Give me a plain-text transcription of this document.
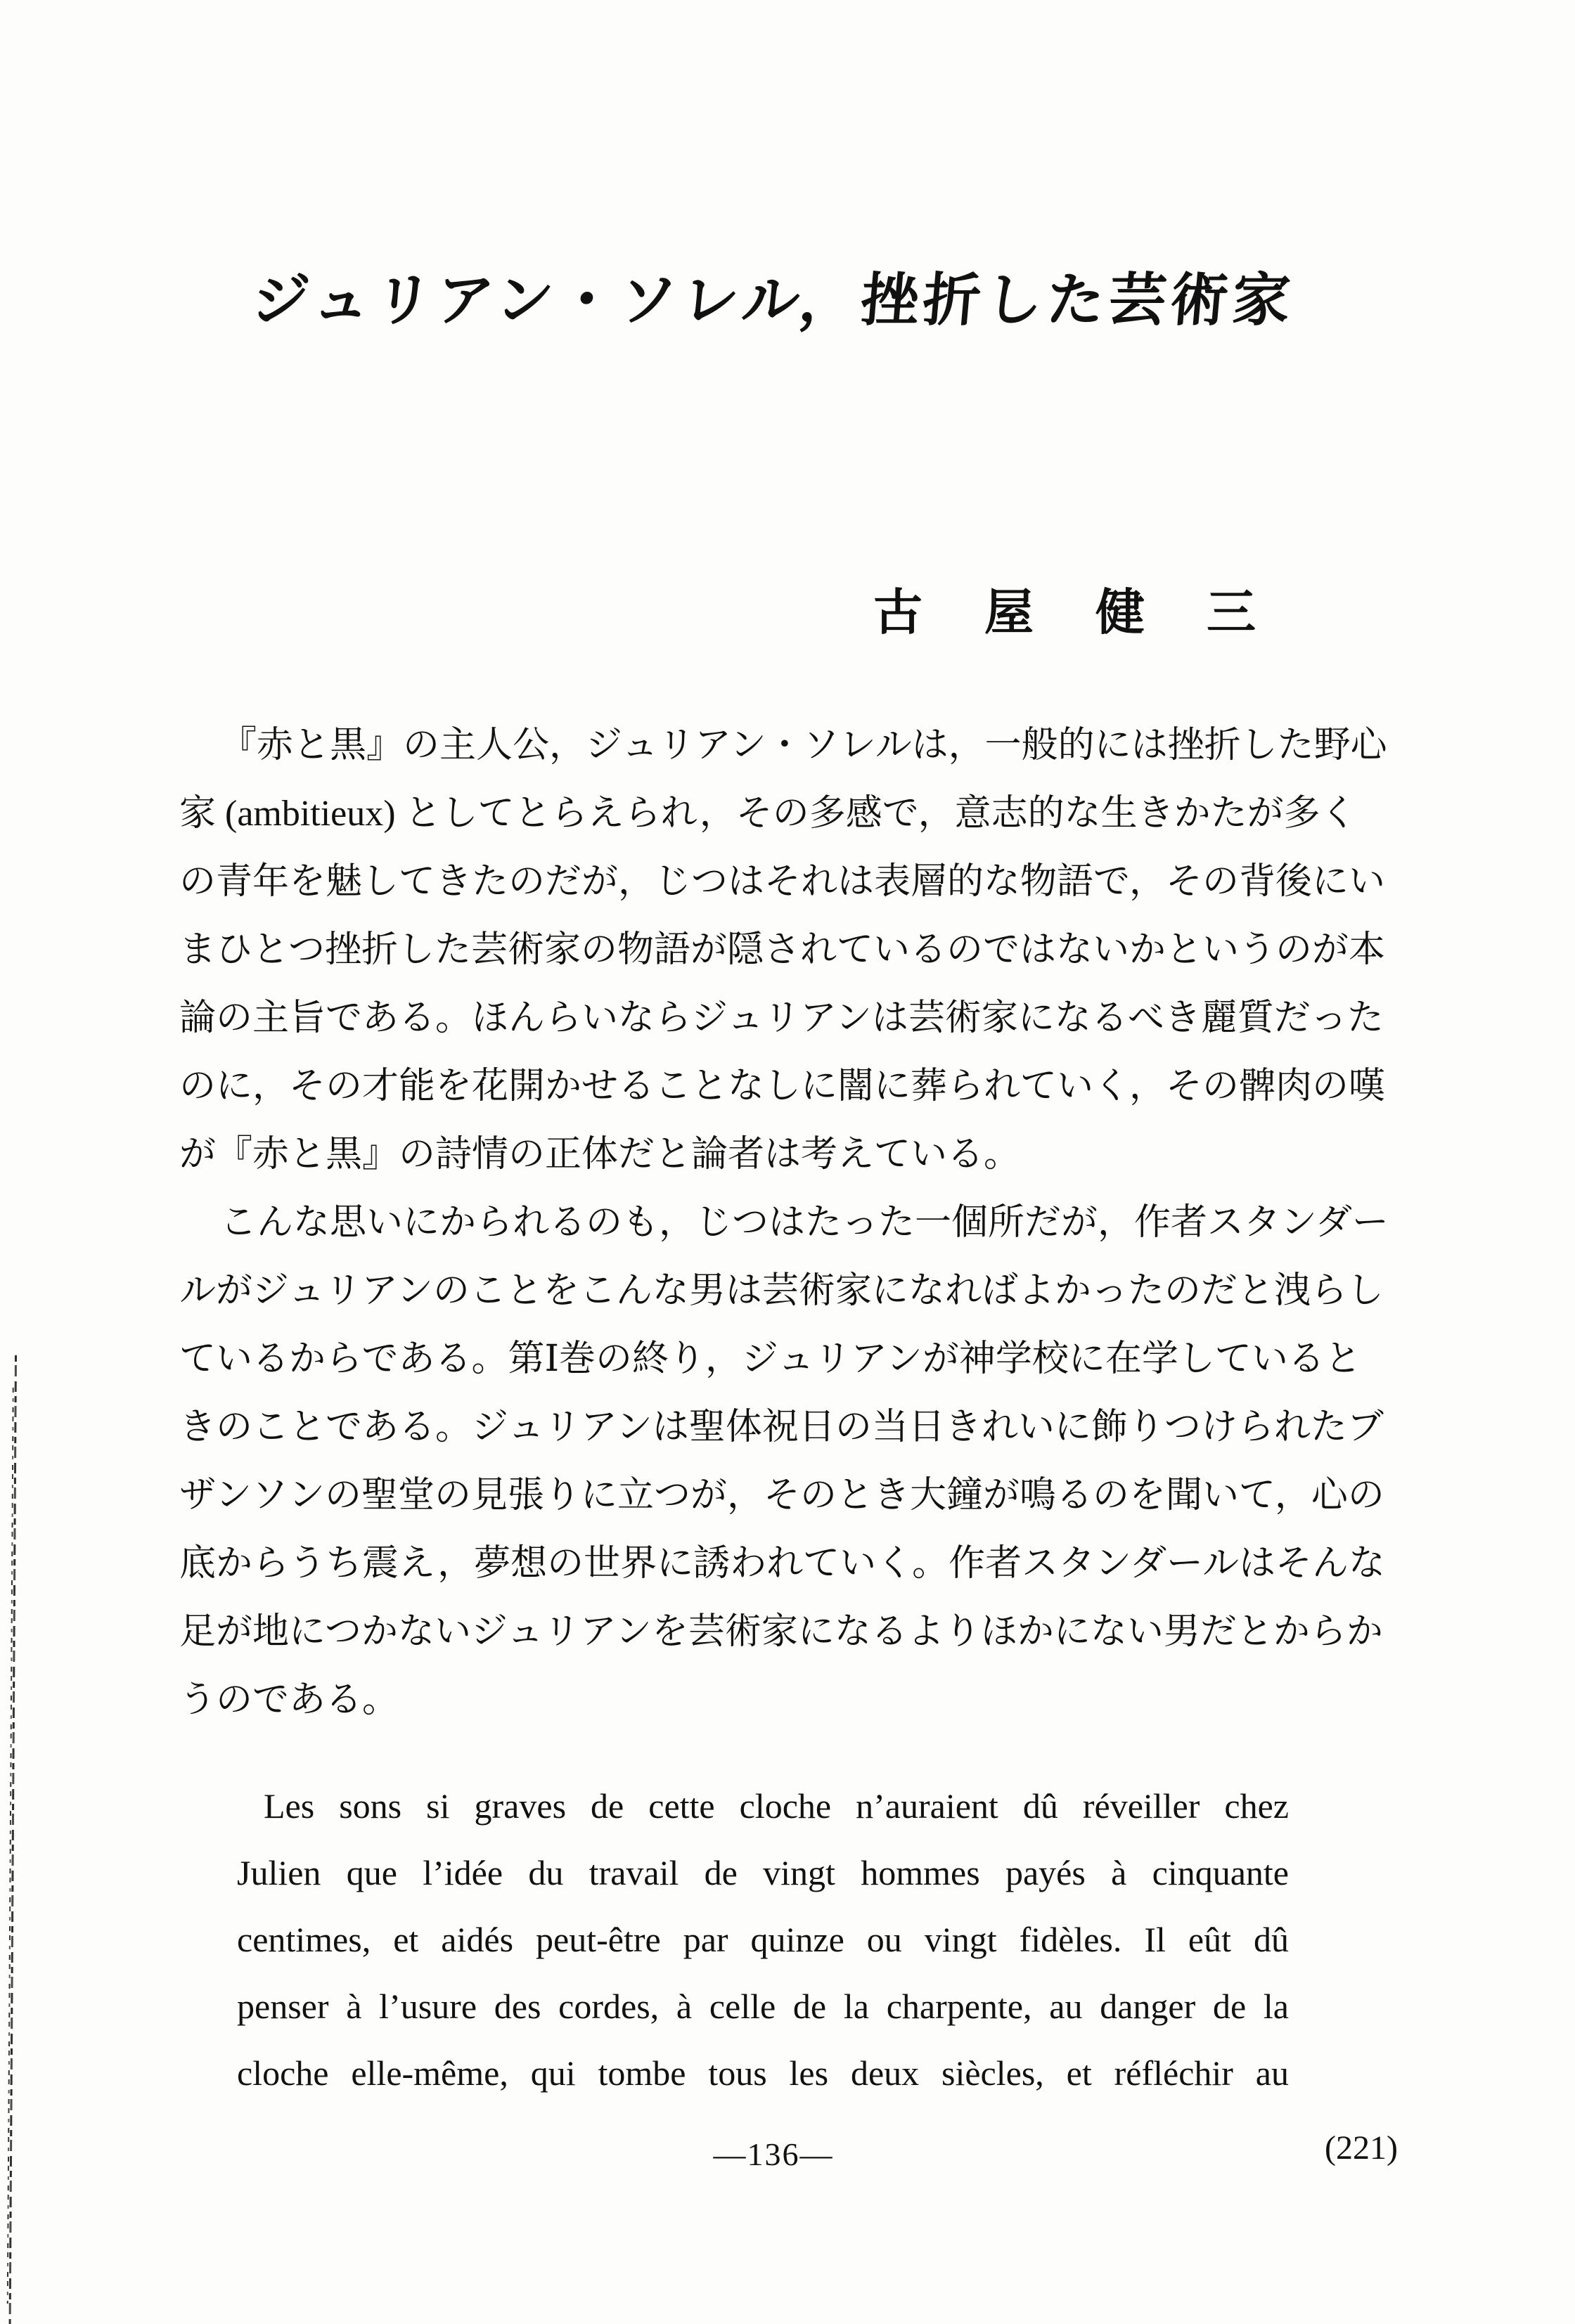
ジュリアン・ソレル，挫折した芸術家
古屋健三
『赤と黒』の主人公，ジュリアン・ソレルは，一般的には挫折した野心
家 (ambitieux) としてとらえられ，その多感で，意志的な生きかたが多く
の青年を魅してきたのだが，じつはそれは表層的な物語で，その背後にい
まひとつ挫折した芸術家の物語が隠されているのではないかというのが本
論の主旨である。ほんらいならジュリアンは芸術家になるべき麗質だった
のに，その才能を花開かせることなしに闇に葬られていく，その髀肉の嘆
が『赤と黒』の詩情の正体だと論者は考えている。
こんな思いにかられるのも，じつはたった一個所だが，作者スタンダー
ルがジュリアンのことをこんな男は芸術家になればよかったのだと洩らし
ているからである。第Ⅰ巻の終り，ジュリアンが神学校に在学していると
きのことである。ジュリアンは聖体祝日の当日きれいに飾りつけられたブ
ザンソンの聖堂の見張りに立つが，そのとき大鐘が鳴るのを聞いて，心の
底からうち震え，夢想の世界に誘われていく。作者スタンダールはそんな
足が地につかないジュリアンを芸術家になるよりほかにない男だとからか
うのである。
Les sons si graves de cette cloche n’auraient dû réveiller chez
Julien que l’idée du travail de vingt hommes payés à cinquante
centimes, et aidés peut-être par quinze ou vingt fidèles. Il eût dû
penser à l’usure des cordes, à celle de la charpente, au danger de la
cloche elle-même, qui tombe tous les deux siècles, et réfléchir au
—136—	(221)
